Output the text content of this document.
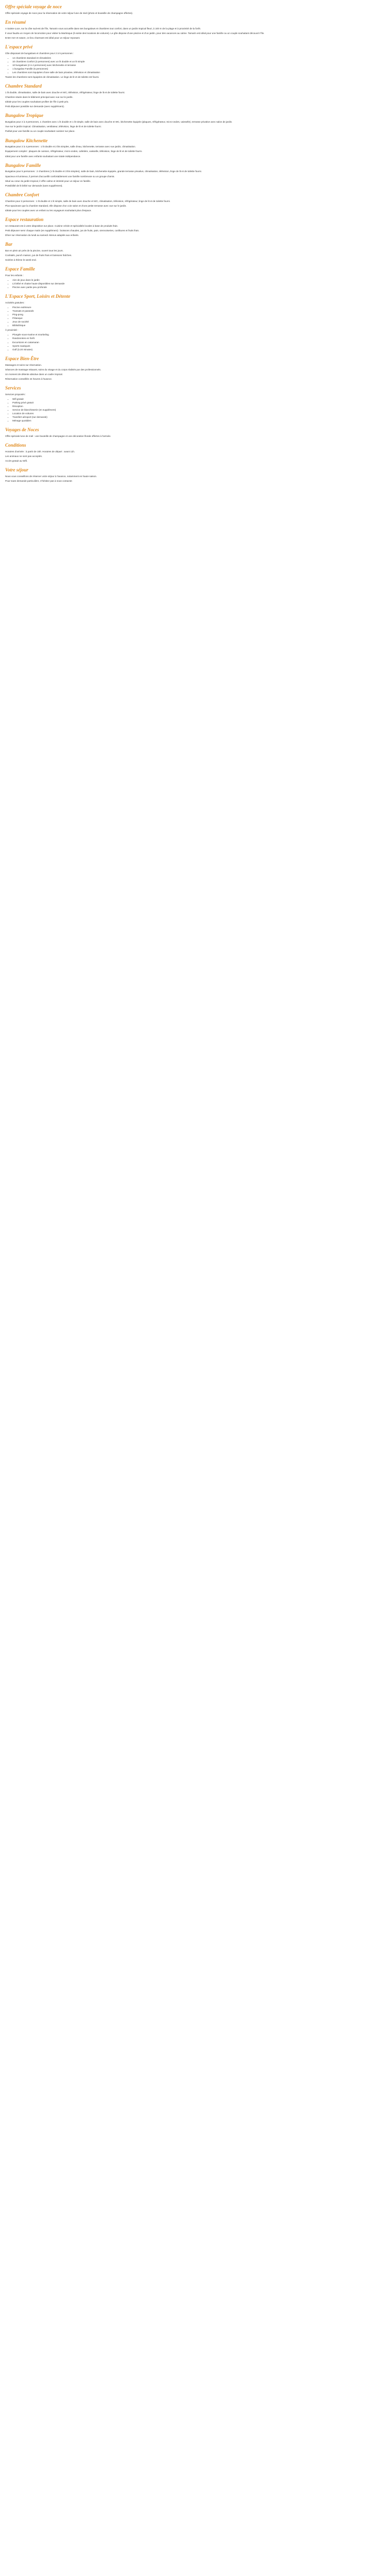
Offre spéciale voyage de noce
Offre spéciale voyage de noce pour la réservation de votre séjour lune de miel (photo et bouteille de champagne offertes).
En résumé
A Sainte-Luce, sur la côte sud-est de l'île, Tamarin vous accueille dans ses bungalows et chambres tout confort, dans un jardin tropical fleuri, à 100 m de la plage et à proximité de la forêt.
Il vous faudra un moyen de locomotion pour visiter la Martinique (il existe des locations de voitures). Le gîte dispose d'une piscine et d'un jardin, pour des vacances au calme. Tamarin est idéal pour une famille ou un couple souhaitant découvrir l'île.
Entre mer et nature, ce lieu charmant est idéal pour un séjour reposant.
L'espace privé
Gîte disposant de bungalows et chambres pour 2 à 5 personnes :
• 14 chambres standard et climatisées
• 10 chambres Confort (3 personnes) avec un lit double et un lit simple
• 10 bungalows (2 à 4 personnes) avec kitchenette et terrasse
• 1 bungalow Famille (5 personnes)
• Les chambres sont équipées d'une salle de bain privative, télévision et climatisation
Toutes les chambres sont équipées de climatisation. Le linge de lit et de toilette est fourni.
Chambre Standard
1 lit double, climatisation, salle de bain avec douche et WC, télévision, réfrigérateur, linge de lit et de toilette fourni.
Chambre située dans le bâtiment principal avec vue sur le jardin.
Idéale pour les couples souhaitant profiter de l'île à petit prix.
Petit déjeuner possible sur demande (avec supplément).
Bungalow Tropique
Bungalow pour 2 à 3 personnes, 1 chambre avec 1 lit double et 1 lit simple, salle de bain avec douche et WC, kitchenette équipée (plaques, réfrigérateur, micro-ondes, vaisselle), terrasse privative avec salon de jardin.
Vue sur le jardin tropical. Climatisation, ventilateur, télévision, linge de lit et de toilette fourni.
Parfait pour une famille ou un couple souhaitant cuisiner sur place.
Bungalow Kitchenette
Bungalow pour 2 à 4 personnes : 1 lit double et 2 lits simples, salle d'eau, kitchenette, terrasse avec vue jardin, climatisation.
Équipement complet : plaques de cuisson, réfrigérateur, micro-ondes, cafetière, vaisselle, télévision, linge de lit et de toilette fourni.
Idéal pour une famille avec enfants souhaitant une totale indépendance.
Bungalow Famille
Bungalow pour 5 personnes : 2 chambres (1 lit double et 3 lits simples), salle de bain, kitchenette équipée, grande terrasse privative, climatisation, télévision, linge de lit et de toilette fourni.
Spacieux et lumineux, il permet d'accueillir confortablement une famille nombreuse ou un groupe d'amis.
Situé au cœur du jardin tropical, il offre calme et intimité pour un séjour en famille.
Possibilité de lit bébé sur demande (sans supplément).
Chambre Confort
Chambre pour 3 personnes : 1 lit double et 1 lit simple, salle de bain avec douche et WC, climatisation, télévision, réfrigérateur, linge de lit et de toilette fourni.
Plus spacieuse que la chambre standard, elle dispose d'un coin salon et d'une petite terrasse avec vue sur le jardin.
Idéale pour les couples avec un enfant ou les voyageurs souhaitant plus d'espace.
Espace restauration
Un restaurant est à votre disposition sur place. Cuisine créole et spécialités locales à base de produits frais.
Petit déjeuner servi chaque matin (en supplément) : boissons chaudes, jus de fruits, pain, viennoiseries, confitures et fruits frais.
Dîner sur réservation du lundi au samedi. Menus adaptés aux enfants.
Bar
Bar en plein air près de la piscine, ouvert tous les jours.
Cocktails, punch maison, jus de fruits frais et boissons fraîches.
Soirées à thème le week-end.
Espace Famille
Pour les enfants :
• Aire de jeux dans le jardin
• Lit bébé et chaise haute disponibles sur demande
• Piscine avec partie peu profonde
L'Espace Sport, Loisirs et Détente
Activités gratuites :
• Piscine extérieure
• Transats et parasols
• Ping-pong
• Pétanque
• Jeux de société
• Bibliothèque
À proximité :
• Plongée sous-marine et snorkeling
• Randonnées en forêt
• Excursions en catamaran
• Sports nautiques
• Golf (à 20 minutes)
Espace Bien-Être
Massages et soins sur réservation.
Séances de massage relaxant, soins du visage et du corps réalisés par des professionnels.
Un moment de détente absolue dans un cadre tropical.
Réservation conseillée 24 heures à l'avance.
Services
Services proposés :
• Wifi gratuit
• Parking privé gratuit
• Réception
• Service de blanchisserie (en supplément)
• Location de voitures
• Transfert aéroport (sur demande)
• Ménage quotidien
Voyages de Noces
Offre spéciale lune de miel : une bouteille de champagne et une décoration florale offertes à l'arrivée.
Conditions
Horaires d'arrivée : à partir de 15h. Horaires de départ : avant 11h.
Les animaux ne sont pas acceptés.
Accès gratuit au Wifi.
Votre séjour
Nous vous conseillons de réserver votre séjour à l'avance, notamment en haute saison.
Pour toute demande particulière, n'hésitez pas à nous contacter.
